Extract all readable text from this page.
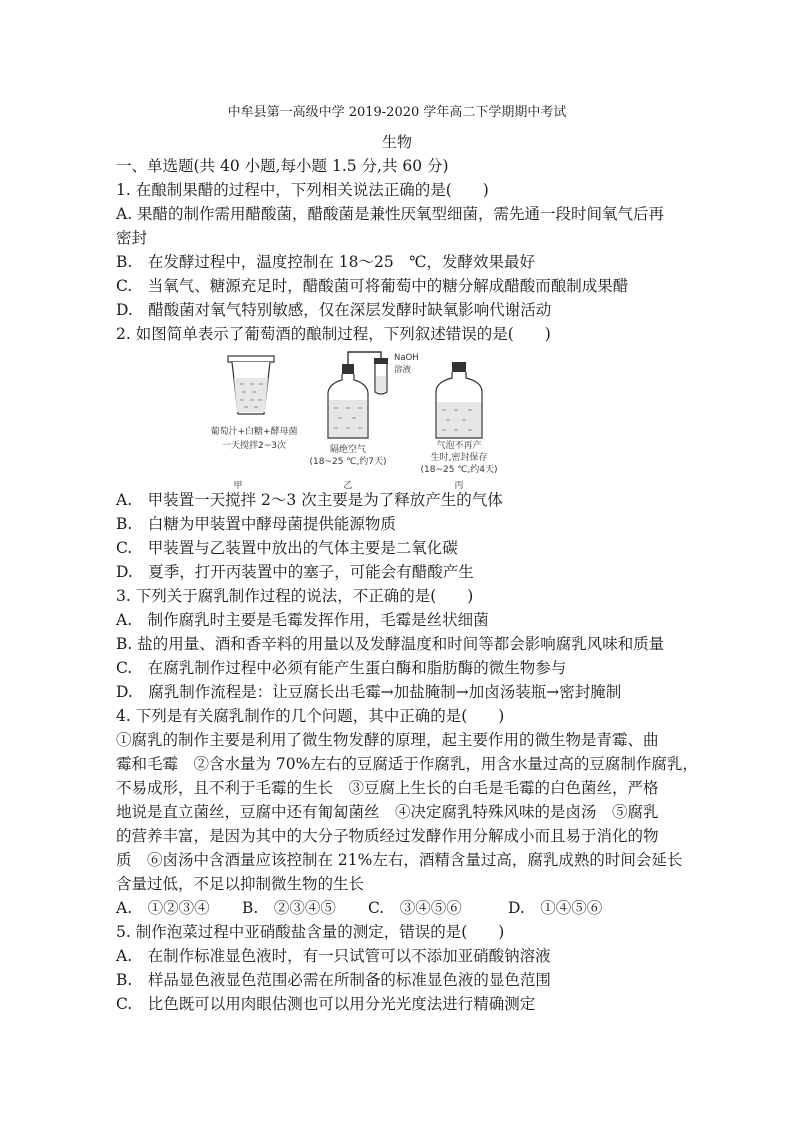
中牟县第一高级中学 2019-2020 学年高二下学期期中考试
生物
一、单选题(共 40 小题,每小题 1.5 分,共 60 分)
1. 在酿制果醋的过程中，下列相关说法正确的是(　　)
A. 果醋的制作需用醋酸菌，醋酸菌是兼性厌氧型细菌，需先通一段时间氧气后再
密封
B.　在发酵过程中，温度控制在 18～25　℃，发酵效果最好
C.　当氧气、糖源充足时，醋酸菌可将葡萄中的糖分解成醋酸而酿制成果醋
D.　醋酸菌对氧气特别敏感，仅在深层发酵时缺氧影响代谢活动
2. 如图简单表示了葡萄酒的酿制过程，下列叙述错误的是(　　)
NaOH
溶液
葡萄汁+白糖+酵母菌
一天搅拌2~3次	隔绝空气
(18~25 ℃,约7天)
气泡不再产
生时,密封保存
(18~25 ℃,约4天)
甲	乙	丙
A.　甲装置一天搅拌 2～3 次主要是为了释放产生的气体
B.　白糖为甲装置中酵母菌提供能源物质
C.　甲装置与乙装置中放出的气体主要是二氧化碳
D.　夏季，打开丙装置中的塞子，可能会有醋酸产生
3. 下列关于腐乳制作过程的说法，不正确的是(　　)
A.　制作腐乳时主要是毛霉发挥作用，毛霉是丝状细菌
B. 盐的用量、酒和香辛料的用量以及发酵温度和时间等都会影响腐乳风味和质量
C.　在腐乳制作过程中必须有能产生蛋白酶和脂肪酶的微生物参与
D.　腐乳制作流程是：让豆腐长出毛霉→加盐腌制→加卤汤装瓶→密封腌制
4. 下列是有关腐乳制作的几个问题，其中正确的是(　　)
①腐乳的制作主要是利用了微生物发酵的原理，起主要作用的微生物是青霉、曲
霉和毛霉　②含水量为 70%左右的豆腐适于作腐乳，用含水量过高的豆腐制作腐乳，
不易成形，且不利于毛霉的生长　③豆腐上生长的白毛是毛霉的白色菌丝，严格
地说是直立菌丝，豆腐中还有匍匐菌丝　④决定腐乳特殊风味的是卤汤　⑤腐乳
的营养丰富，是因为其中的大分子物质经过发酵作用分解成小而且易于消化的物
质　⑥卤汤中含酒量应该控制在 21%左右，酒精含量过高，腐乳成熟的时间会延长
含量过低，不足以抑制微生物的生长
A.　①②③④	B.　②③④⑤	C.　③④⑤⑥	D.　①④⑤⑥
5. 制作泡菜过程中亚硝酸盐含量的测定，错误的是(　　)
A.　在制作标准显色液时，有一只试管可以不添加亚硝酸钠溶液
B.　样品显色液显色范围必需在所制备的标准显色液的显色范围
C.　比色既可以用肉眼估测也可以用分光光度法进行精确测定
